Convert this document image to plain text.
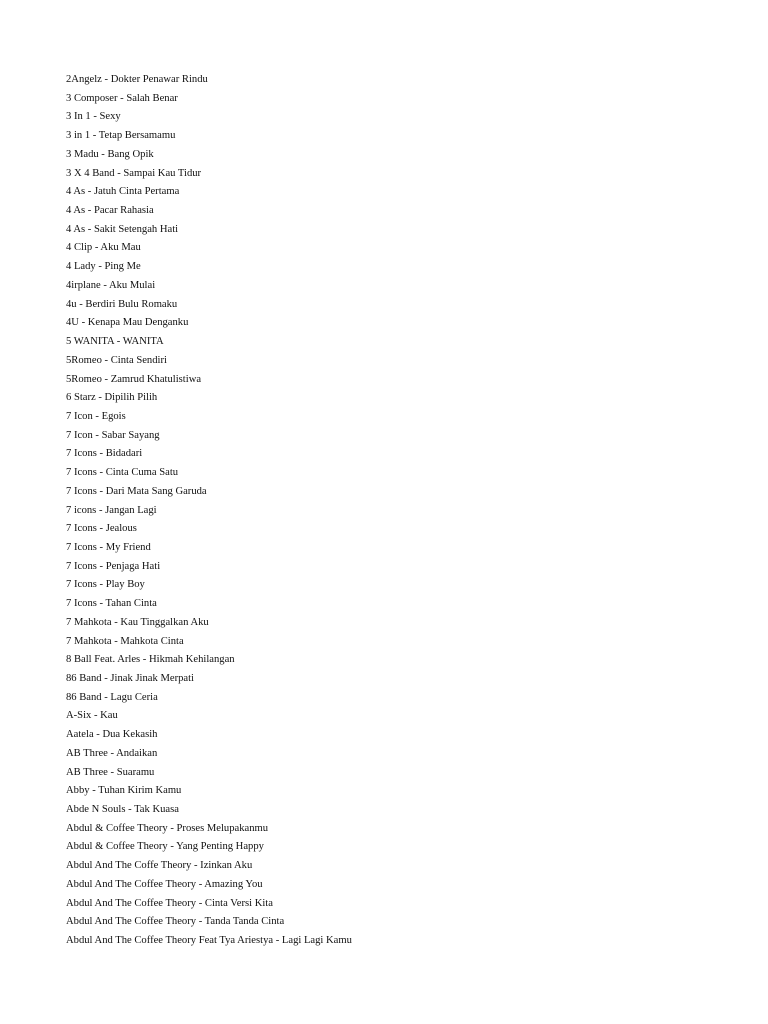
2Angelz - Dokter Penawar Rindu
3 Composer - Salah Benar
3 In 1 - Sexy
3 in 1 - Tetap Bersamamu
3 Madu - Bang Opik
3 X 4 Band - Sampai Kau Tidur
4 As - Jatuh Cinta Pertama
4 As - Pacar Rahasia
4 As - Sakit Setengah Hati
4 Clip - Aku Mau
4 Lady - Ping Me
4irplane - Aku Mulai
4u - Berdiri Bulu Romaku
4U - Kenapa Mau Denganku
5 WANITA - WANITA
5Romeo - Cinta Sendiri
5Romeo - Zamrud Khatulistiwa
6 Starz - Dipilih Pilih
7 Icon - Egois
7 Icon - Sabar Sayang
7 Icons - Bidadari
7 Icons - Cinta Cuma Satu
7 Icons - Dari Mata Sang Garuda
7 icons - Jangan Lagi
7 Icons - Jealous
7 Icons - My Friend
7 Icons - Penjaga Hati
7 Icons - Play Boy
7 Icons - Tahan Cinta
7 Mahkota - Kau Tinggalkan Aku
7 Mahkota - Mahkota Cinta
8 Ball Feat. Arles - Hikmah Kehilangan
86 Band - Jinak Jinak Merpati
86 Band - Lagu Ceria
A-Six - Kau
Aatela - Dua Kekasih
AB Three - Andaikan
AB Three - Suaramu
Abby - Tuhan Kirim Kamu
Abde N Souls - Tak Kuasa
Abdul & Coffee Theory - Proses Melupakanmu
Abdul & Coffee Theory - Yang Penting Happy
Abdul And The Coffe Theory - Izinkan Aku
Abdul And The Coffee Theory - Amazing You
Abdul And The Coffee Theory - Cinta Versi Kita
Abdul And The Coffee Theory - Tanda Tanda Cinta
Abdul And The Coffee Theory Feat Tya Ariestya - Lagi Lagi Kamu
